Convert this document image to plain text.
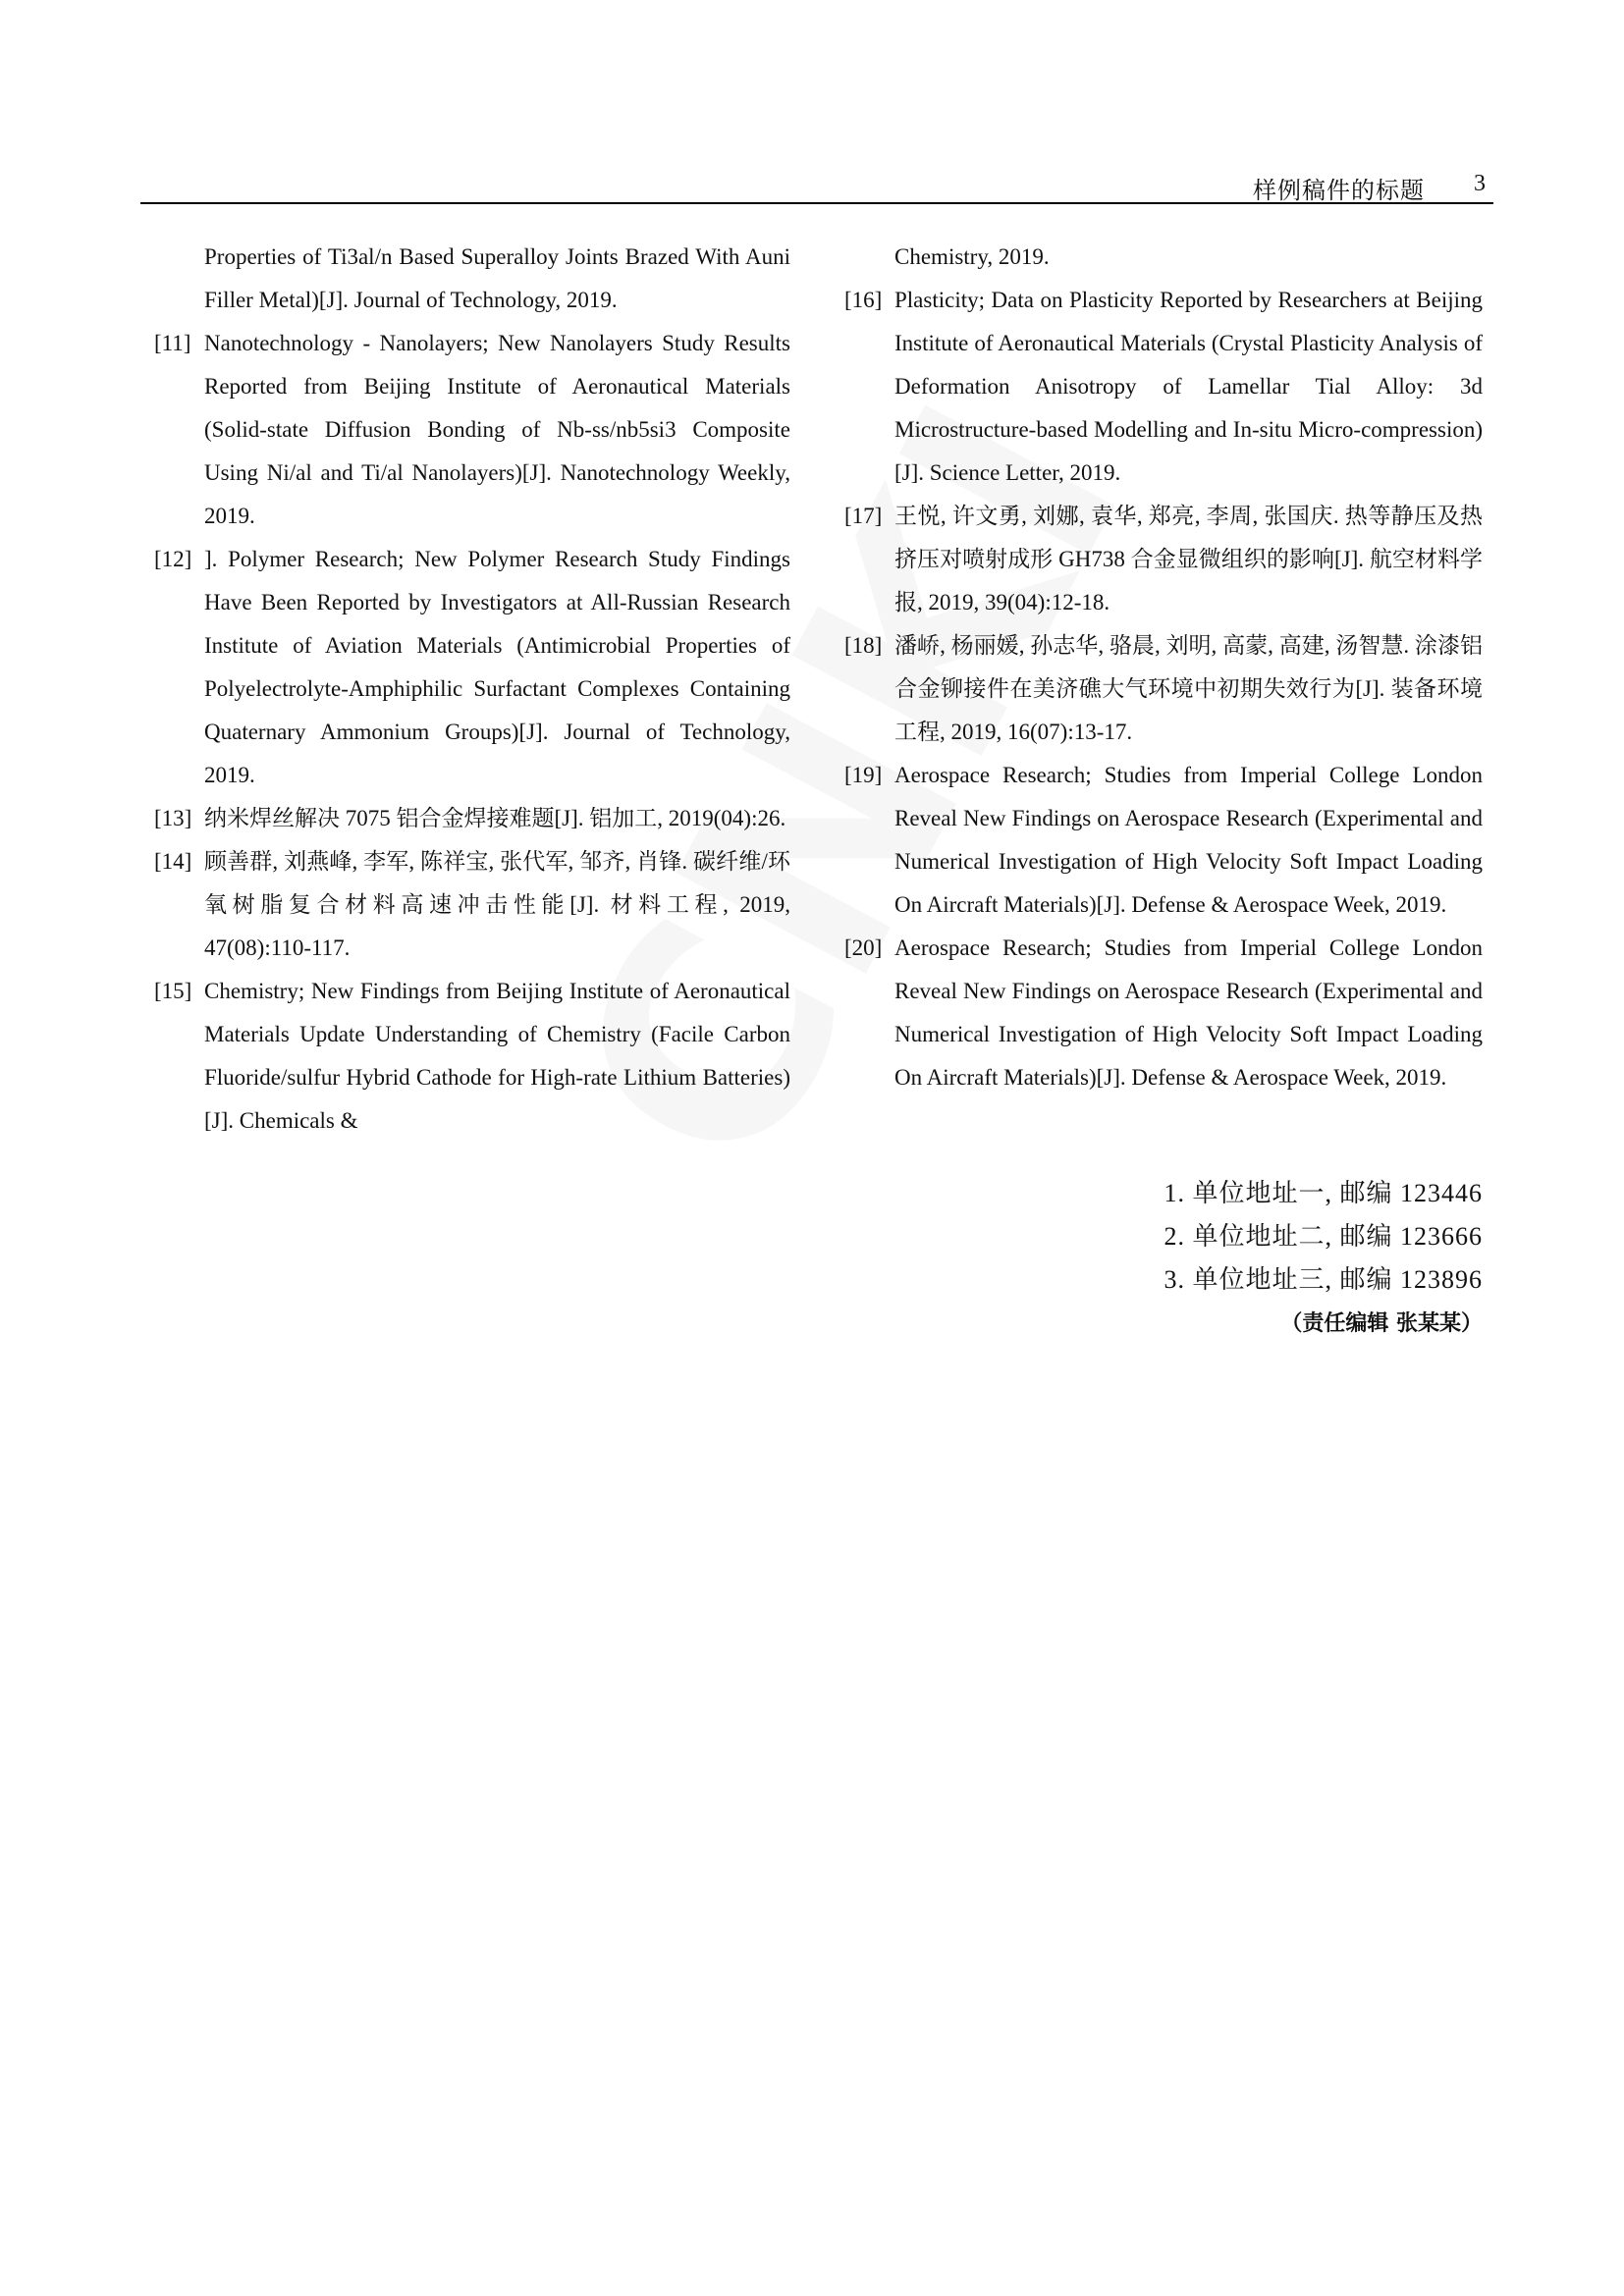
样例稿件的标题 3
Properties of Ti3al/n Based Superalloy Joints Brazed With Auni Filler Metal)[J]. Journal of Technology, 2019.
[11] Nanotechnology - Nanolayers; New Nanolayers Study Results Reported from Beijing Institute of Aeronautical Materials (Solid-state Diffusion Bonding of Nb-ss/nb5si3 Composite Using Ni/al and Ti/al Nanolayers)[J]. Nanotechnology Weekly, 2019.
[12] ]. Polymer Research; New Polymer Research Study Findings Have Been Reported by Investigators at All-Russian Research Institute of Aviation Materials (Antimicrobial Properties of Polyelectrolyte-Amphiphilic Surfactant Complexes Containing Quaternary Ammonium Groups)[J]. Journal of Technology, 2019.
[13] 纳米焊丝解决 7075 铝合金焊接难题[J]. 铝加工, 2019(04):26.
[14] 顾善群, 刘燕峰, 李军, 陈祥宝, 张代军, 邹齐, 肖锋. 碳纤维/环氧树脂复合材料高速冲击性能[J]. 材料工程, 2019, 47(08):110-117.
[15] Chemistry; New Findings from Beijing Institute of Aeronautical Materials Update Understanding of Chemistry (Facile Carbon Fluoride/sulfur Hybrid Cathode for High-rate Lithium Batteries)[J]. Chemicals &
Chemistry, 2019.
[16] Plasticity; Data on Plasticity Reported by Researchers at Beijing Institute of Aeronautical Materials (Crystal Plasticity Analysis of Deformation Anisotropy of Lamellar Tial Alloy: 3d Microstructure-based Modelling and In-situ Micro-compression)[J]. Science Letter, 2019.
[17] 王悦, 许文勇, 刘娜, 袁华, 郑亮, 李周, 张国庆. 热等静压及热挤压对喷射成形 GH738 合金显微组织的影响[J]. 航空材料学报, 2019, 39(04):12-18.
[18] 潘峤, 杨丽媛, 孙志华, 骆晨, 刘明, 高蒙, 高建, 汤智慧. 涂漆铝合金铆接件在美济礁大气环境中初期失效行为[J]. 装备环境工程, 2019, 16(07):13-17.
[19] Aerospace Research; Studies from Imperial College London Reveal New Findings on Aerospace Research (Experimental and Numerical Investigation of High Velocity Soft Impact Loading On Aircraft Materials)[J]. Defense & Aerospace Week, 2019.
[20] Aerospace Research; Studies from Imperial College London Reveal New Findings on Aerospace Research (Experimental and Numerical Investigation of High Velocity Soft Impact Loading On Aircraft Materials)[J]. Defense & Aerospace Week, 2019.
1. 单位地址一, 邮编 123446
2. 单位地址二, 邮编 123666
3. 单位地址三, 邮编 123896
（责任编辑 张某某）
